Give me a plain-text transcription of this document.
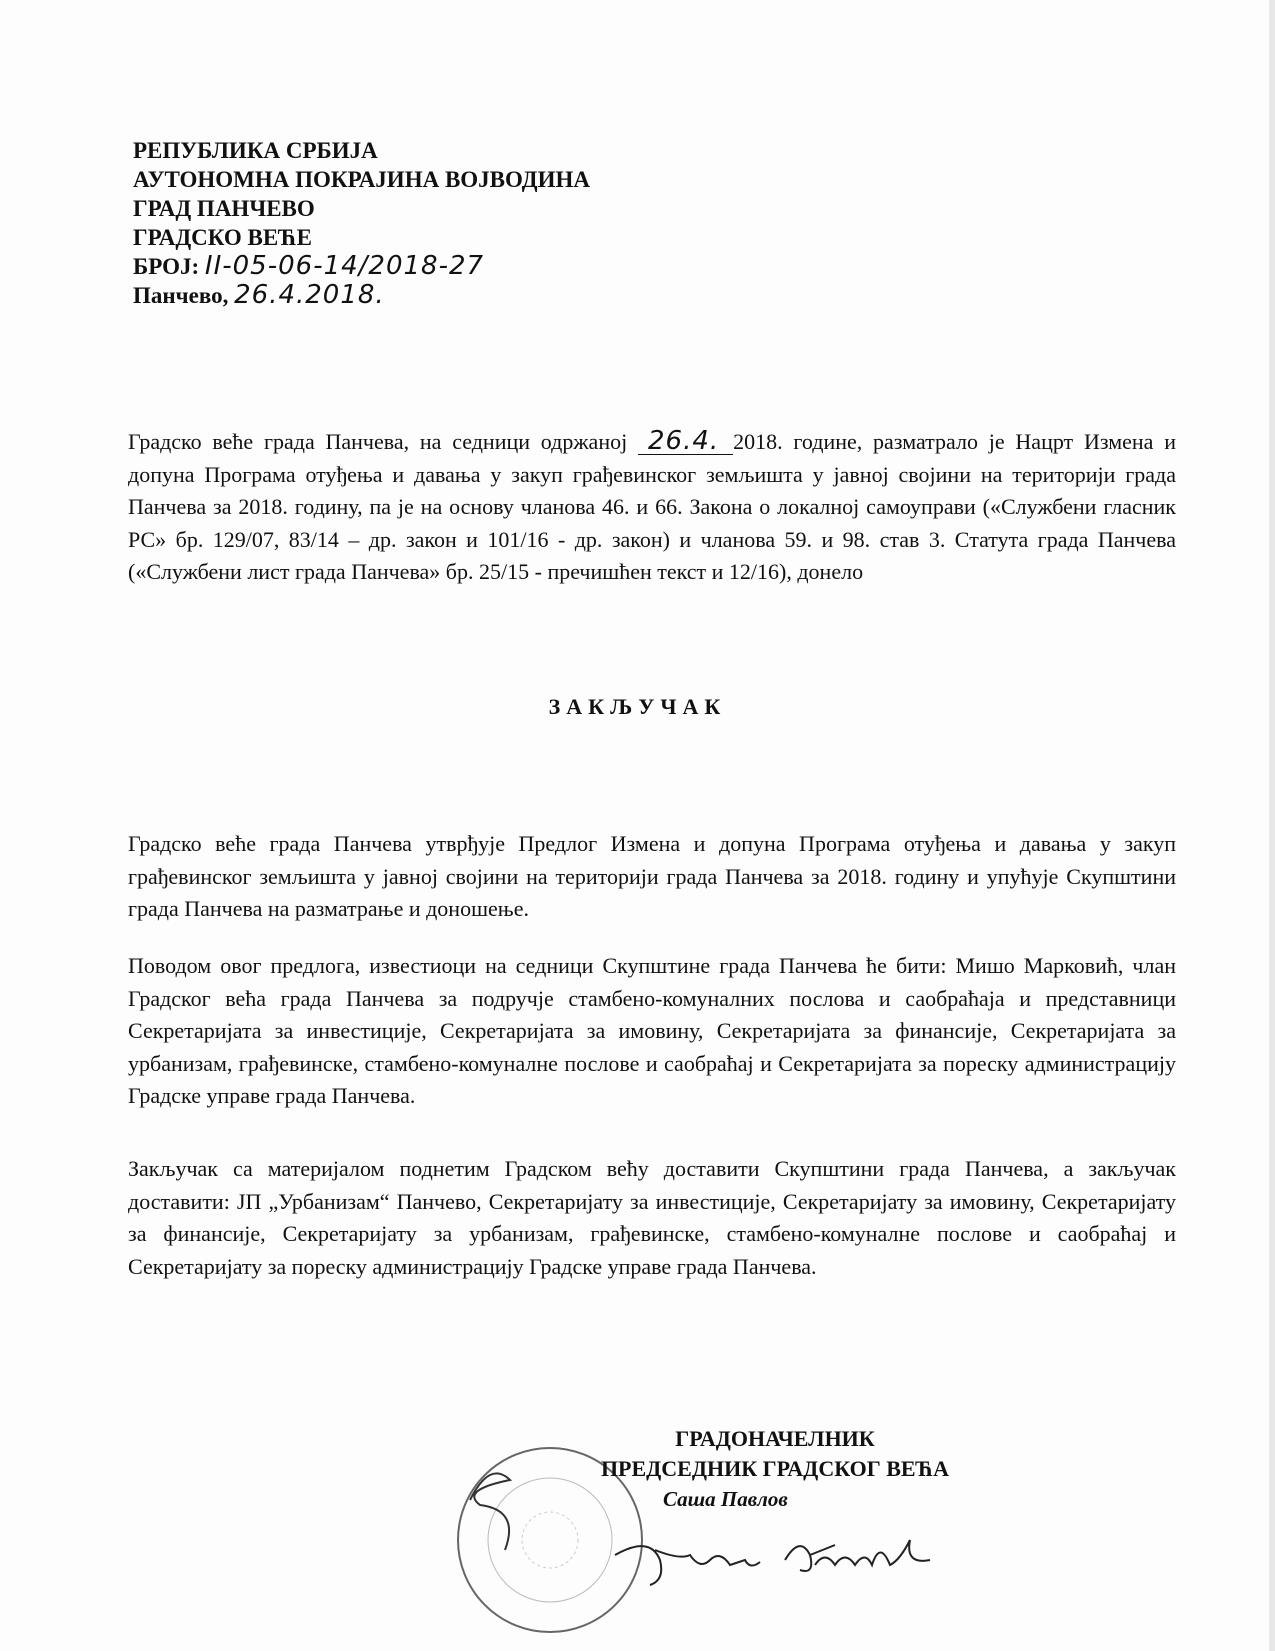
РЕПУБЛИКА СРБИЈА
АУТОНОМНА ПОКРАЈИНА ВОЈВОДИНА
ГРАД ПАНЧЕВО
ГРАДСКО ВЕЋЕ
БРОЈ: II-05-06-14/2018-27
Панчево, 26.4.2018.
Градско веће града Панчева, на седници одржаној 26.4. 2018. године, разматрало је Нацрт Измена и допуна Програма отуђења и давања у закуп грађевинског земљишта у јавној својини на територији града Панчева за 2018. годину, па је на основу чланова 46. и 66. Закона о локалној самоуправи («Службени гласник РС» бр. 129/07, 83/14 – др. закон и 101/16 - др. закон) и чланова 59. и 98. став 3. Статута града Панчева («Службени лист града Панчева» бр. 25/15 - пречишћен текст и 12/16), донело
ЗАКЉУЧАК
Градско веће града Панчева утврђује Предлог Измена и допуна Програма отуђења и давања у закуп грађевинског земљишта у јавној својини на територији града Панчева за 2018. годину и упућује Скупштини града Панчева на разматрање и доношење.
Поводом овог предлога, известиоци на седници Скупштине града Панчева ће бити: Мишо Марковић, члан Градског већа града Панчева за подручје стамбено-комуналних послова и саобраћаја и представници Секретаријата за инвестиције, Секретаријата за имовину, Секретаријата за финансије, Секретаријата за урбанизам, грађевинске, стамбено-комуналне послове и саобраћај и Секретаријата за пореску администрацију Градске управе града Панчева.
Закључак са материјалом поднетим Градском већу доставити Скупштини града Панчева, а закључак доставити: ЈП „Урбанизам“ Панчево, Секретаријату за инвестиције, Секретаријату за имовину, Секретаријату за финансије, Секретаријату за урбанизам, грађевинске, стамбено-комуналне послове и саобраћај и Секретаријату за пореску администрацију Градске управе града Панчева.
ГРАДОНАЧЕЛНИК
ПРЕДСЕДНИК ГРАДСКОГ ВЕЋА
Саша Павлов
